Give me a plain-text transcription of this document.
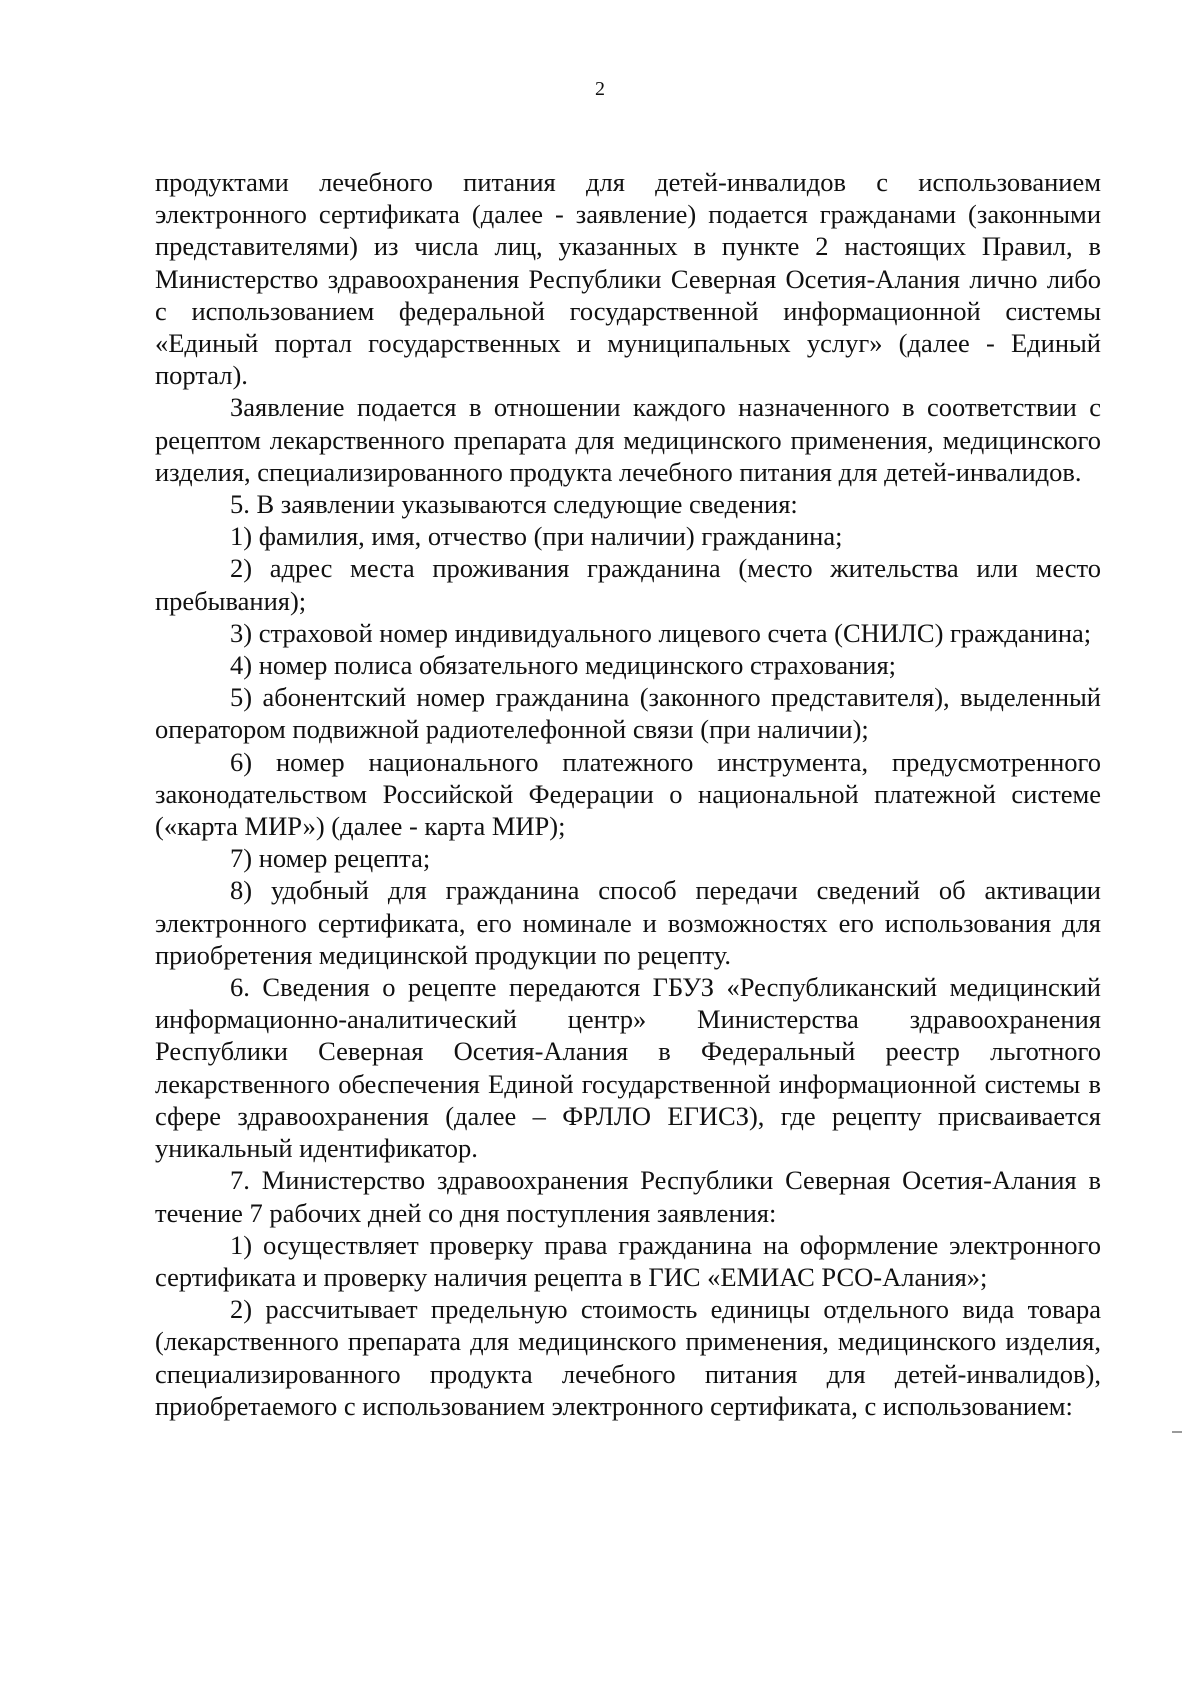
2

продуктами лечебного питания для детей-инвалидов с использованием электронного сертификата (далее - заявление) подается гражданами (законными представителями) из числа лиц, указанных в пункте 2 настоящих Правил, в Министерство здравоохранения Республики Северная Осетия-Алания лично либо с использованием федеральной государственной информационной системы «Единый портал государственных и муниципальных услуг» (далее - Единый портал).

Заявление подается в отношении каждого назначенного в соответствии с рецептом лекарственного препарата для медицинского применения, медицинского изделия, специализированного продукта лечебного питания для детей-инвалидов.

5. В заявлении указываются следующие сведения:

1) фамилия, имя, отчество (при наличии) гражданина;

2) адрес места проживания гражданина (место жительства или место пребывания);

3) страховой номер индивидуального лицевого счета (СНИЛС) гражданина;

4) номер полиса обязательного медицинского страхования;

5) абонентский номер гражданина (законного представителя), выделенный оператором подвижной радиотелефонной связи (при наличии);

6) номер национального платежного инструмента, предусмотренного законодательством Российской Федерации о национальной платежной системе («карта МИР») (далее - карта МИР);

7) номер рецепта;

8) удобный для гражданина способ передачи сведений об активации электронного сертификата, его номинале и возможностях его использования для приобретения медицинской продукции по рецепту.

6. Сведения о рецепте передаются ГБУЗ «Республиканский медицинский информационно-аналитический центр» Министерства здравоохранения Республики Северная Осетия-Алания в Федеральный реестр льготного лекарственного обеспечения Единой государственной информационной системы в сфере здравоохранения (далее – ФРЛЛО ЕГИСЗ), где рецепту присваивается уникальный идентификатор.

7. Министерство здравоохранения Республики Северная Осетия-Алания в течение 7 рабочих дней со дня поступления заявления:

1) осуществляет проверку права гражданина на оформление электронного сертификата и проверку наличия рецепта в ГИС «ЕМИАС РСО-Алания»;

2) рассчитывает предельную стоимость единицы отдельного вида товара (лекарственного препарата для медицинского применения, медицинского изделия, специализированного продукта лечебного питания для детей-инвалидов), приобретаемого с использованием электронного сертификата, с использованием:
